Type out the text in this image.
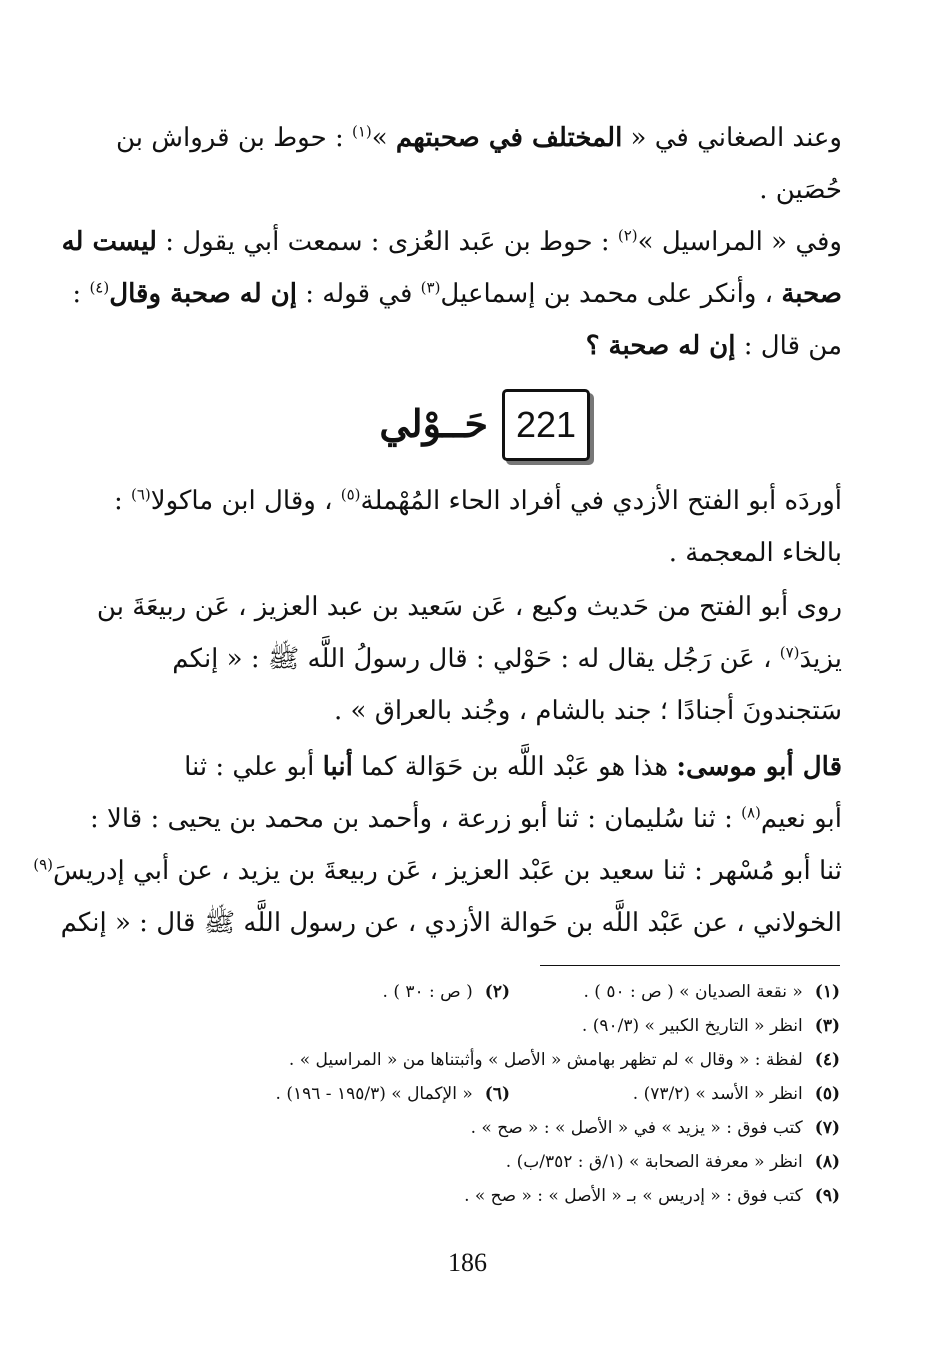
وعند الصغاني في « المختلف في صحبتهم »$^{(١)}$ : حوط بن قرواش بن
حُصَين .
وفي « المراسيل »$^{(٢)}$ : حوط بن عَبد العُزى : سمعت أبي يقول : ليست له
صحبة ، وأنكر على محمد بن إسماعيل$^{(٣)}$ في قوله : إن له صحبة وقال$^{(٤)}$ :
من قال : إن له صحبة ؟
221
حَــوْلي
أوردَه أبو الفتح الأزدي في أفراد الحاء المُهْملة$^{(٥)}$ ، وقال ابن ماكولا$^{(٦)}$ :
بالخاء المعجمة .
روى أبو الفتح من حَديث وكيع ، عَن سَعيد بن عبد العزيز ، عَن ربيعَةَ بن
يزيدَ$^{(٧)}$ ، عَن رَجُل يقال له : حَوْلي : قال رسولُ اللَّه ﷺ : « إنكم
سَتجندونَ أجنادًا ؛ جند بالشام ، وجُند بالعراق » .
قال أبو موسى: هذا هو عَبْد اللَّه بن حَوَالة كما أنبا أبو علي : ثنا
أبو نعيم$^{(٨)}$ : ثنا سُليمان : ثنا أبو زرعة ، وأحمد بن محمد بن يحيى : قالا :
ثنا أبو مُسْهر : ثنا سعيد بن عَبْد العزيز ، عَن ربيعةَ بن يزيد ، عن أبي إدريسَ$^{(٩)}$
الخولاني ، عن عَبْد اللَّه بن حَوالة الأزدي ، عن رسول اللَّه ﷺ قال : « إنكم
(١)« نقعة الصديان » ( ص : ٥٠ ) .
(٢)( ص : ٣٠ ) .
(٣)انظر « التاريخ الكبير » (٩٠/٣) .
(٤)لفظة : « وقال » لم تظهر بهامش « الأصل » وأثبتناها من « المراسيل » .
(٥)انظر « الأسد » (٧٣/٢) .
(٦)« الإكمال » (١٩٥/٣ - ١٩٦) .
(٧)كتب فوق : « يزيد » في « الأصل » : « صح » .
(٨)انظر « معرفة الصحابة » (١/ق : ٣٥٢/ب) .
(٩)كتب فوق : « إدريس » بـ « الأصل » : « صح » .
186
